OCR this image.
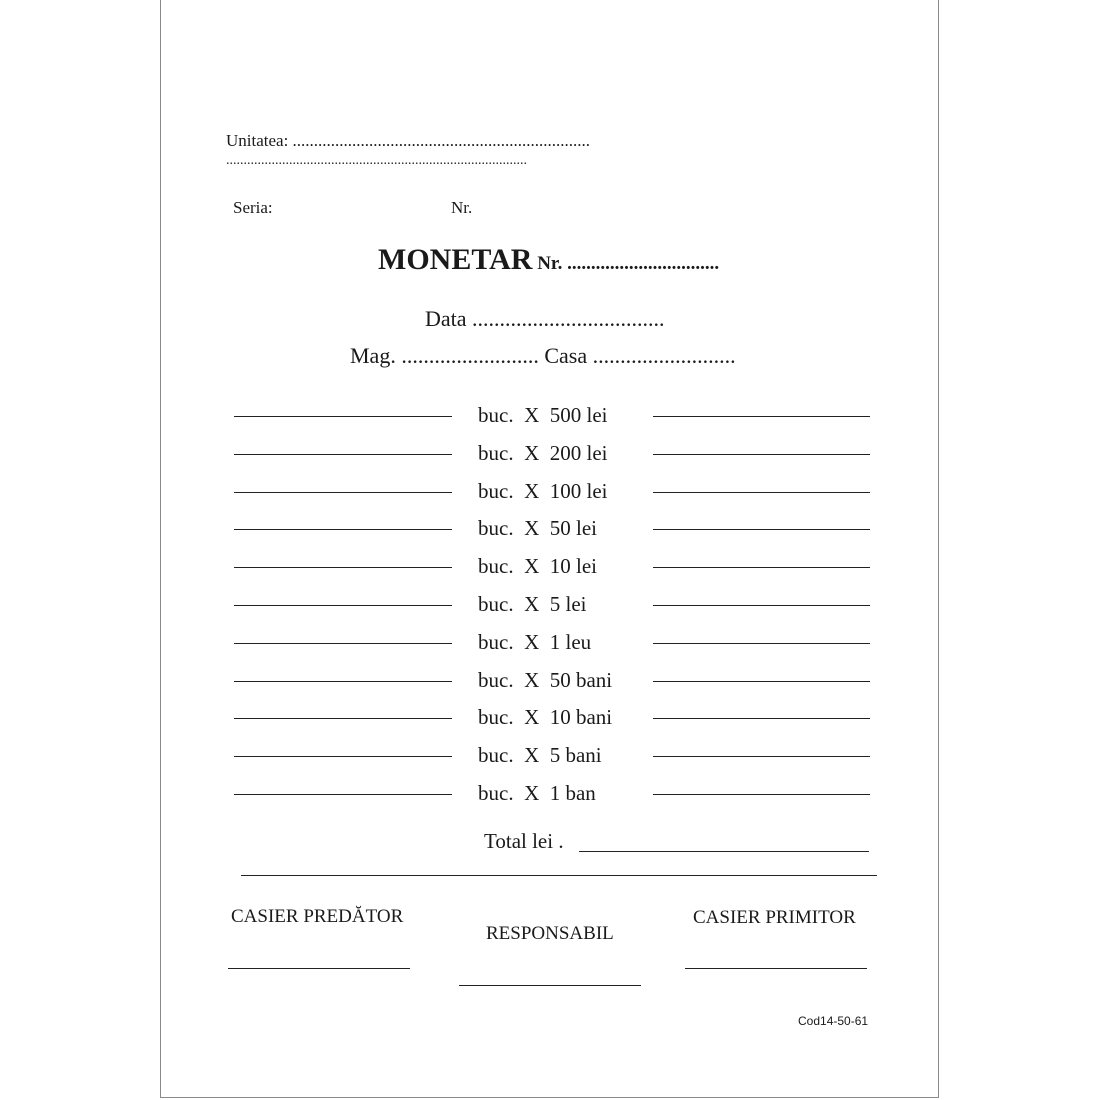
Unitatea: ......................................................................
......................................................................................
Seria:	Nr.
MONETAR Nr. ................................
Data ...................................
Mag. ......................... Casa ..........................
buc.  X  500 lei
buc.  X  200 lei
buc.  X  100 lei
buc.  X  50 lei
buc.  X  10 lei
buc.  X  5 lei
buc.  X  1 leu
buc.  X  50 bani
buc.  X  10 bani
buc.  X  5 bani
buc.  X  1 ban
Total lei .
CASIER PREDĂTOR
RESPONSABIL
CASIER PRIMITOR
Cod14-50-61
